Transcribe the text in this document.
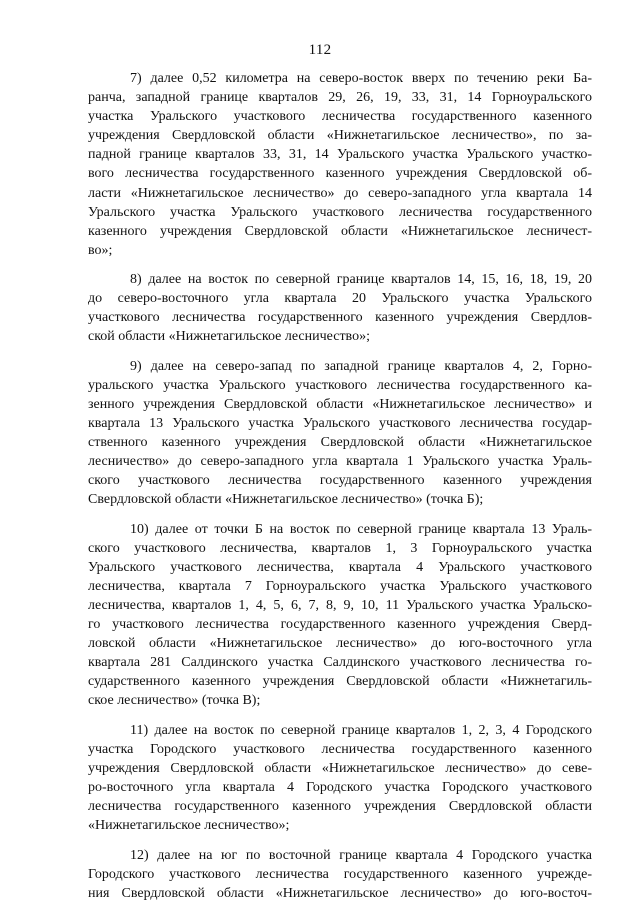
112
7) далее 0,52 километра на северо-восток вверх по течению реки Ба-
ранча, западной границе кварталов 29, 26, 19, 33, 31, 14 Горноуральского
участка Уральского участкового лесничества государственного казенного
учреждения Свердловской области «Нижнетагильское лесничество», по за-
падной границе кварталов 33, 31, 14 Уральского участка Уральского участко-
вого лесничества государственного казенного учреждения Свердловской об-
ласти «Нижнетагильское лесничество» до северо-западного угла квартала 14
Уральского участка Уральского участкового лесничества государственного
казенного учреждения Свердловской области «Нижнетагильское лесничест-
во»;
8) далее на восток по северной границе кварталов 14, 15, 16, 18, 19, 20
до северо-восточного угла квартала 20 Уральского участка Уральского
участкового лесничества государственного казенного учреждения Свердлов-
ской области «Нижнетагильское лесничество»;
9) далее на северо-запад по западной границе кварталов 4, 2, Горно-
уральского участка Уральского участкового лесничества государственного ка-
зенного учреждения Свердловской области «Нижнетагильское лесничество» и
квартала 13 Уральского участка Уральского участкового лесничества государ-
ственного казенного учреждения Свердловской области «Нижнетагильское
лесничество» до северо-западного угла квартала 1 Уральского участка Ураль-
ского участкового лесничества государственного казенного учреждения
Свердловской области «Нижнетагильское лесничество» (точка Б);
10) далее от точки Б на восток по северной границе квартала 13 Ураль-
ского участкового лесничества, кварталов 1, 3 Горноуральского участка
Уральского участкового лесничества, квартала 4 Уральского участкового
лесничества, квартала 7 Горноуральского участка Уральского участкового
лесничества, кварталов 1, 4, 5, 6, 7, 8, 9, 10, 11 Уральского участка Уральско-
го участкового лесничества государственного казенного учреждения Сверд-
ловской области «Нижнетагильское лесничество» до юго-восточного угла
квартала 281 Салдинского участка Салдинского участкового лесничества го-
сударственного казенного учреждения Свердловской области «Нижнетагиль-
ское лесничество» (точка В);
11) далее на восток по северной границе кварталов 1, 2, 3, 4 Городского
участка Городского участкового лесничества государственного казенного
учреждения Свердловской области «Нижнетагильское лесничество» до севе-
ро-восточного угла квартала 4 Городского участка Городского участкового
лесничества государственного казенного учреждения Свердловской области
«Нижнетагильское лесничество»;
12) далее на юг по восточной границе квартала 4 Городского участка
Городского участкового лесничества государственного казенного учрежде-
ния Свердловской области «Нижнетагильское лесничество» до юго-восточ-
